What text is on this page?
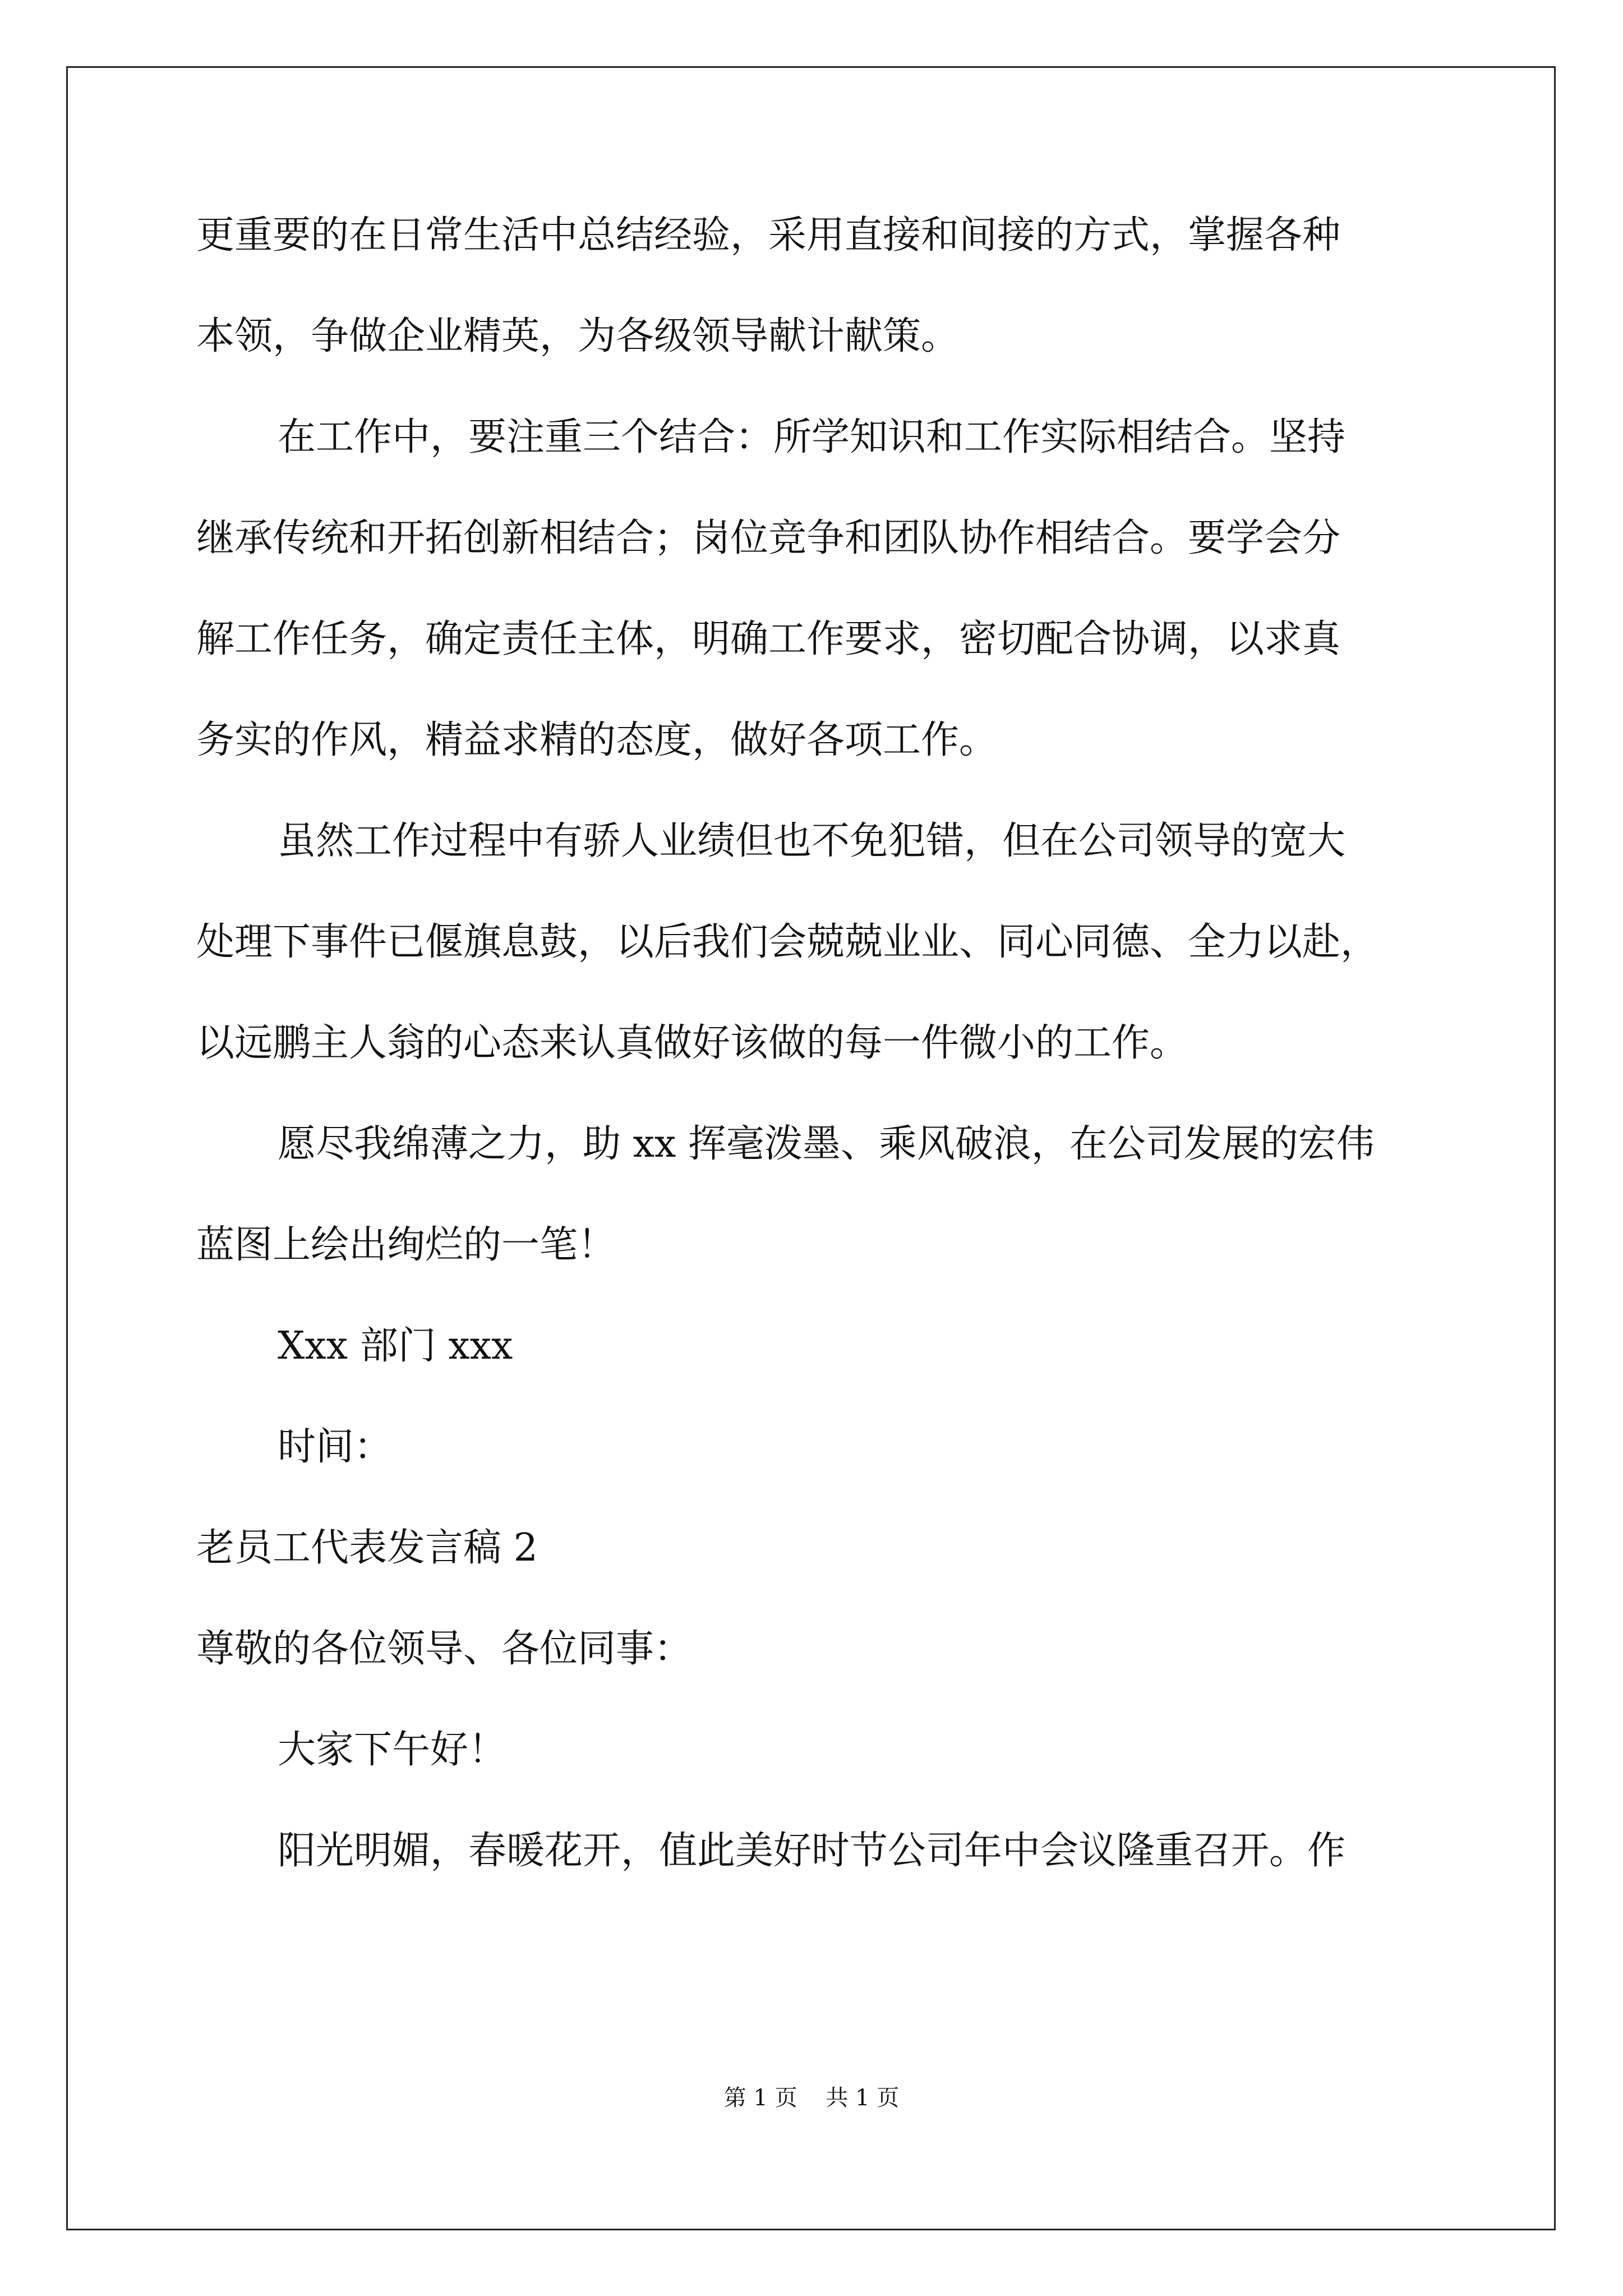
更重要的在日常生活中总结经验，采用直接和间接的方式，掌握各种
本领，争做企业精英，为各级领导献计献策。
在工作中，要注重三个结合：所学知识和工作实际相结合。坚持
继承传统和开拓创新相结合；岗位竞争和团队协作相结合。要学会分
解工作任务，确定责任主体，明确工作要求，密切配合协调，以求真
务实的作风，精益求精的态度，做好各项工作。
虽然工作过程中有骄人业绩但也不免犯错，但在公司领导的宽大
处理下事件已偃旗息鼓，以后我们会兢兢业业、同心同德、全力以赴，
以远鹏主人翁的心态来认真做好该做的每一件微小的工作。
愿尽我绵薄之力，助 xx 挥毫泼墨、乘风破浪，在公司发展的宏伟
蓝图上绘出绚烂的一笔！
Xxx 部门 xxx
时间：
老员工代表发言稿 2
尊敬的各位领导、各位同事：
大家下午好！
阳光明媚，春暖花开，值此美好时节公司年中会议隆重召开。作
第 1 页    共 1 页
